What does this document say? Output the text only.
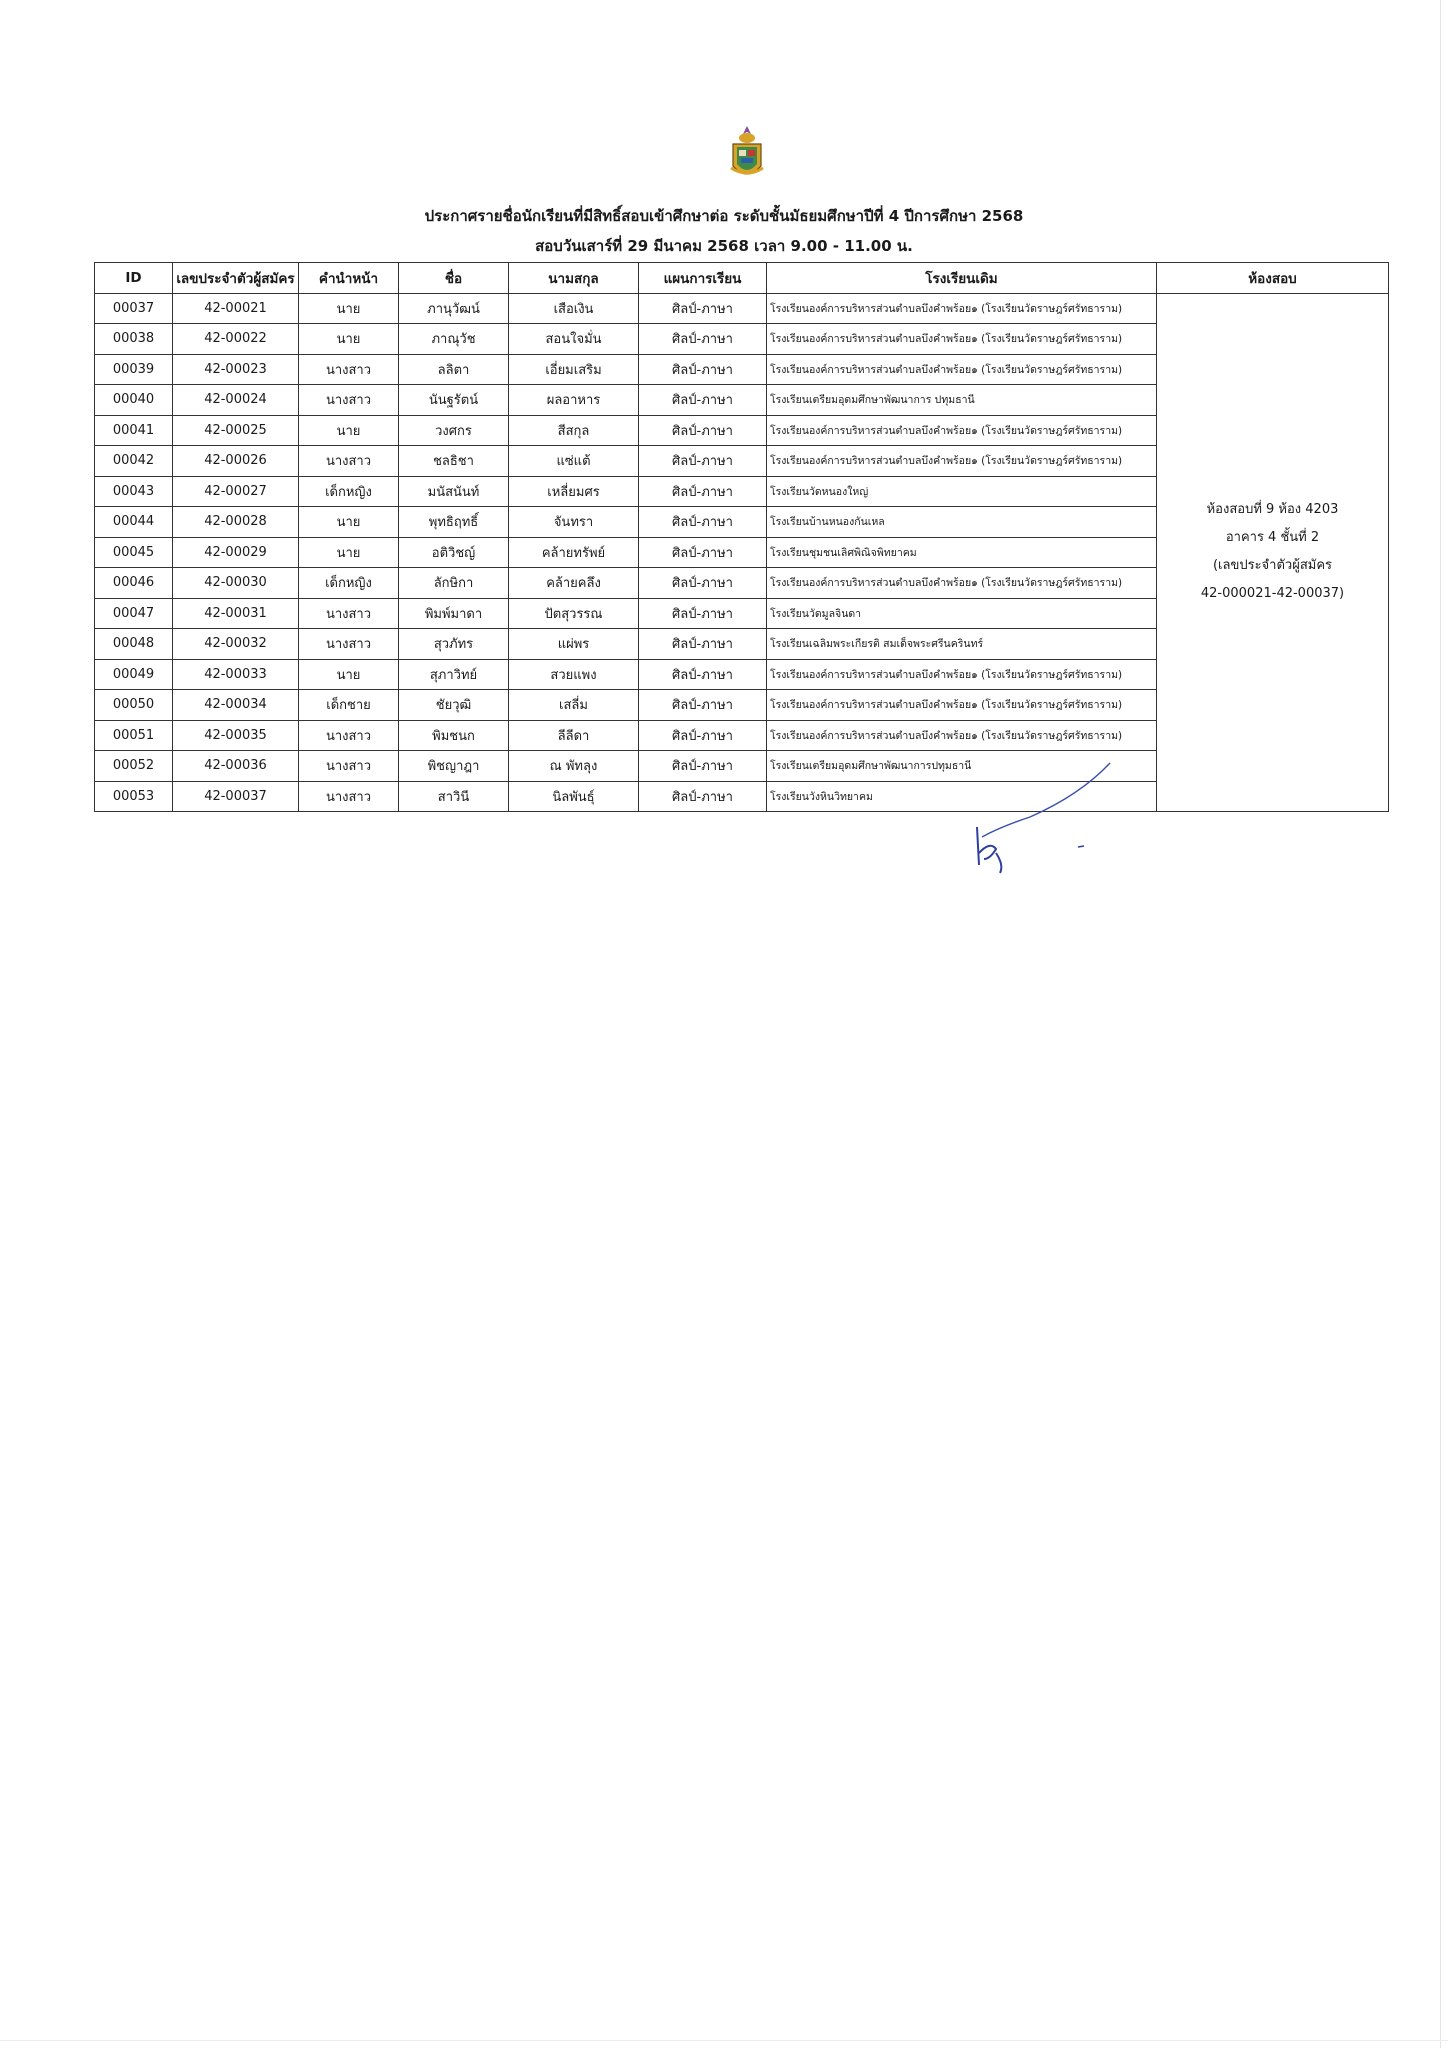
ประกาศรายชื่อนักเรียนที่มีสิทธิ์สอบเข้าศึกษาต่อ ระดับชั้นมัธยมศึกษาปีที่ 4 ปีการศึกษา 2568
สอบวันเสาร์ที่ 29 มีนาคม 2568 เวลา 9.00 - 11.00 น.
ID	เลขประจำตัวผู้สมัคร	คำนำหน้า	ชื่อ	นามสกุล	แผนการเรียน	โรงเรียนเดิม	ห้องสอบ
00037	42-00021	นาย	ภานุวัฒน์	เสือเงิน	ศิลป์-ภาษา	โรงเรียนองค์การบริหารส่วนตำบลบึงคำพร้อย๑ (โรงเรียนวัดราษฎร์ศรัทธาราม)	ห้องสอบที่ 9 ห้อง 4203
อาคาร 4 ชั้นที่ 2
(เลขประจำตัวผู้สมัคร
42-000021-42-00037)

00038	42-00022	นาย	ภาณุวัช	สอนใจมั่น	ศิลป์-ภาษา	โรงเรียนองค์การบริหารส่วนตำบลบึงคำพร้อย๑ (โรงเรียนวัดราษฎร์ศรัทธาราม)	
00039	42-00023	นางสาว	ลลิตา	เอี่ยมเสริม	ศิลป์-ภาษา	โรงเรียนองค์การบริหารส่วนตำบลบึงคำพร้อย๑ (โรงเรียนวัดราษฎร์ศรัทธาราม)	
00040	42-00024	นางสาว	นันฐรัตน์	ผลอาหาร	ศิลป์-ภาษา	โรงเรียนเตรียมอุดมศึกษาพัฒนาการ ปทุมธานี	
00041	42-00025	นาย	วงศกร	สีสกุล	ศิลป์-ภาษา	โรงเรียนองค์การบริหารส่วนตำบลบึงคำพร้อย๑ (โรงเรียนวัดราษฎร์ศรัทธาราม)	
00042	42-00026	นางสาว	ชลธิชา	แซ่แต้	ศิลป์-ภาษา	โรงเรียนองค์การบริหารส่วนตำบลบึงคำพร้อย๑ (โรงเรียนวัดราษฎร์ศรัทธาราม)	
00043	42-00027	เด็กหญิง	มนัสนันท์	เหลี่ยมศร	ศิลป์-ภาษา	โรงเรียนวัดหนองใหญ่	
00044	42-00028	นาย	พุทธิฤทธิ์	จันทรา	ศิลป์-ภาษา	โรงเรียนบ้านหนองกันเหล	
00045	42-00029	นาย	อติวิชญ์	คล้ายทรัพย์	ศิลป์-ภาษา	โรงเรียนชุมชนเลิศพิณิจพิทยาคม	
00046	42-00030	เด็กหญิง	ลักษิกา	คล้ายคลึง	ศิลป์-ภาษา	โรงเรียนองค์การบริหารส่วนตำบลบึงคำพร้อย๑ (โรงเรียนวัดราษฎร์ศรัทธาราม)	
00047	42-00031	นางสาว	พิมพ์มาดา	ปัตสุวรรณ	ศิลป์-ภาษา	โรงเรียนวัดมูลจินดา	
00048	42-00032	นางสาว	สุวภัทร	แผ่พร	ศิลป์-ภาษา	โรงเรียนเฉลิมพระเกียรติ สมเด็จพระศรีนครินทร์	
00049	42-00033	นาย	สุภาวิทย์	สวยแพง	ศิลป์-ภาษา	โรงเรียนองค์การบริหารส่วนตำบลบึงคำพร้อย๑ (โรงเรียนวัดราษฎร์ศรัทธาราม)	
00050	42-00034	เด็กชาย	ชัยวุฒิ	เสลี่ม	ศิลป์-ภาษา	โรงเรียนองค์การบริหารส่วนตำบลบึงคำพร้อย๑ (โรงเรียนวัดราษฎร์ศรัทธาราม)	
00051	42-00035	นางสาว	พิมชนก	ลีลีดา	ศิลป์-ภาษา	โรงเรียนองค์การบริหารส่วนตำบลบึงคำพร้อย๑ (โรงเรียนวัดราษฎร์ศรัทธาราม)	
00052	42-00036	นางสาว	พิชญาฎา	ณ พัทลุง	ศิลป์-ภาษา	โรงเรียนเตรียมอุดมศึกษาพัฒนาการปทุมธานี	
00053	42-00037	นางสาว	สาวินี	นิลพันธุ์	ศิลป์-ภาษา	โรงเรียนวังหินวิทยาคม	
